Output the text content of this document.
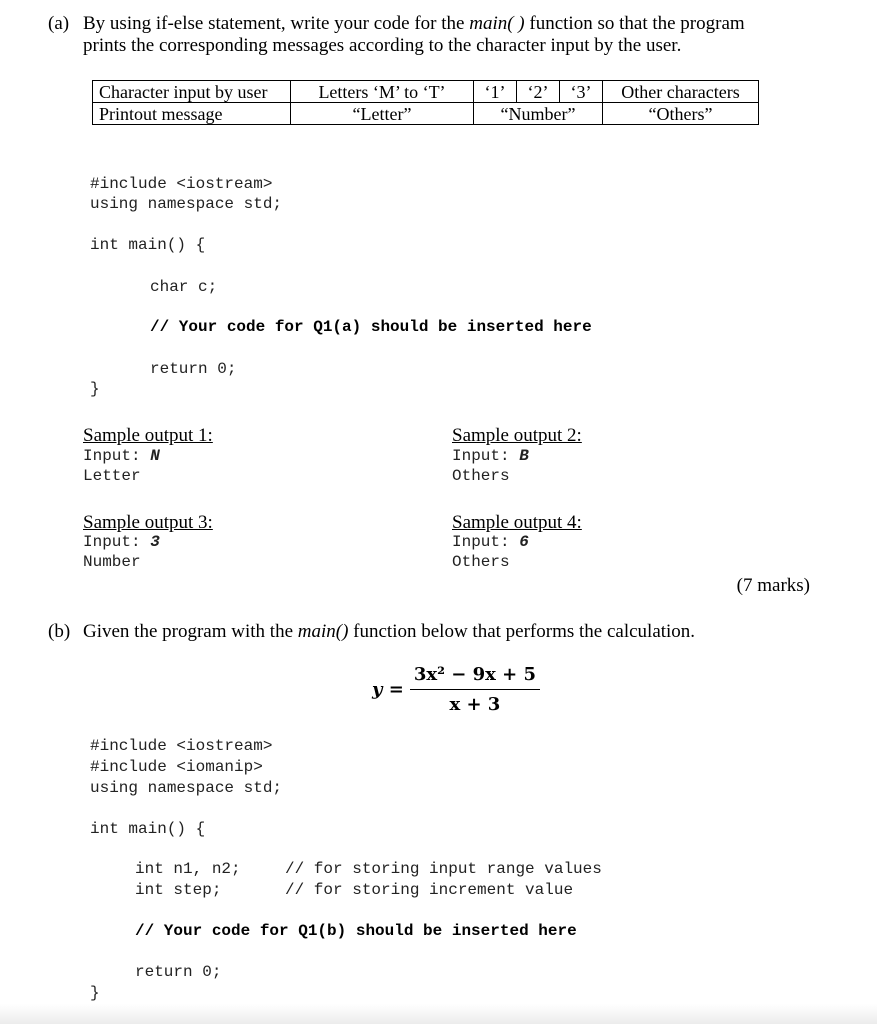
(a) By using if-else statement, write your code for the main( ) function so that the program
prints the corresponding messages according to the character input by the user.
Character input by user	Letters ‘M’ to ‘T’	‘1’	‘2’	‘3’	Other characters
Printout message	“Letter”	“Number”			“Others”
#include <iostream>
using namespace std;
int main() {
char c;
// Your code for Q1(a) should be inserted here
return 0;
}
Sample output 1:
Input: N
Letter
Sample output 2:
Input: B
Others
Sample output 3:
Input: 3
Number
Sample output 4:
Input: 6
Others
(7 marks)
(b) Given the program with the main() function below that performs the calculation.
$y = \frac{\text{3x² − 9x + 5}}{x + 3}$
#include <iostream>
#include <iomanip>
using namespace std;
int main() {
int n1, n2;	// for storing input range values
int step;	// for storing increment value
// Your code for Q1(b) should be inserted here
return 0;
}
